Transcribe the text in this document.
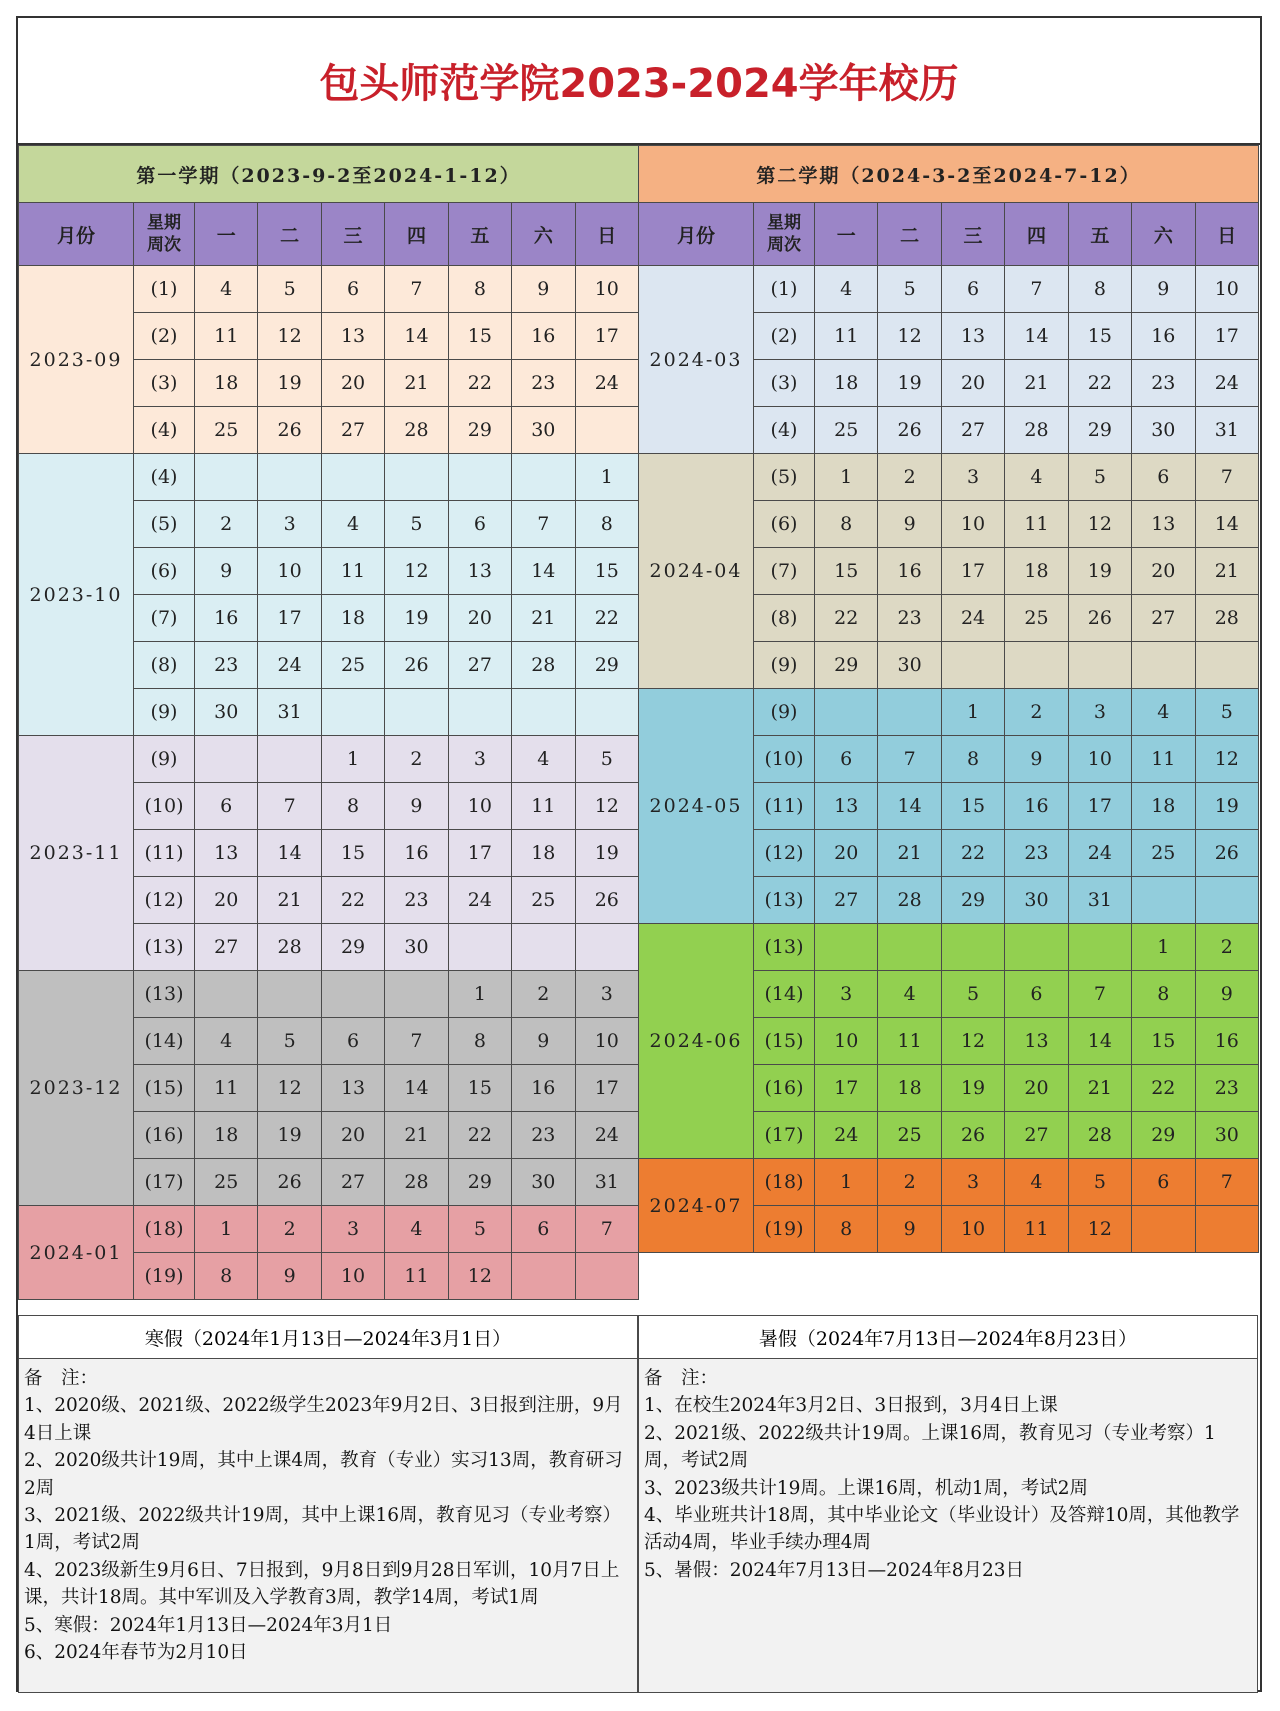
包头师范学院2023-2024学年校历
第一学期（2023-9-2至2024-1-12）								
月份	星期
周次	一	二	三	四	五	六	日
2023-09	(1)	4	5	6	7	8	9	10
	(2)	11	12	13	14	15	16	17
	(3)	18	19	20	21	22	23	24
	(4)	25	26	27	28	29	30	
2023-10	(4)							1
	(5)	2	3	4	5	6	7	8
	(6)	9	10	11	12	13	14	15
	(7)	16	17	18	19	20	21	22
	(8)	23	24	25	26	27	28	29
	(9)	30	31					
2023-11	(9)			1	2	3	4	5
	(10)	6	7	8	9	10	11	12
	(11)	13	14	15	16	17	18	19
	(12)	20	21	22	23	24	25	26
	(13)	27	28	29	30			
2023-12	(13)					1	2	3
	(14)	4	5	6	7	8	9	10
	(15)	11	12	13	14	15	16	17
	(16)	18	19	20	21	22	23	24
	(17)	25	26	27	28	29	30	31
2024-01	(18)	1	2	3	4	5	6	7
	(19)	8	9	10	11	12		
第二学期（2024-3-2至2024-7-12）								
月份	星期
周次	一	二	三	四	五	六	日
2024-03	(1)	4	5	6	7	8	9	10
	(2)	11	12	13	14	15	16	17
	(3)	18	19	20	21	22	23	24
	(4)	25	26	27	28	29	30	31
2024-04	(5)	1	2	3	4	5	6	7
	(6)	8	9	10	11	12	13	14
	(7)	15	16	17	18	19	20	21
	(8)	22	23	24	25	26	27	28
	(9)	29	30					
2024-05	(9)			1	2	3	4	5
	(10)	6	7	8	9	10	11	12
	(11)	13	14	15	16	17	18	19
	(12)	20	21	22	23	24	25	26
	(13)	27	28	29	30	31		
2024-06	(13)						1	2
	(14)	3	4	5	6	7	8	9
	(15)	10	11	12	13	14	15	16
	(16)	17	18	19	20	21	22	23
	(17)	24	25	26	27	28	29	30
2024-07	(18)	1	2	3	4	5	6	7
	(19)	8	9	10	11	12		
寒假（2024年1月13日—2024年3月1日）
备　注：
1、2020级、2021级、2022级学生2023年9月2日、3日报到注册，9月4日上课
2、2020级共计19周，其中上课4周，教育（专业）实习13周，教育研习2周
3、2021级、2022级共计19周，其中上课16周，教育见习（专业考察）1周，考试2周
4、2023级新生9月6日、7日报到，9月8日到9月28日军训，10月7日上课，共计18周。其中军训及入学教育3周，教学14周，考试1周
5、寒假：2024年1月13日—2024年3月1日
6、2024年春节为2月10日
暑假（2024年7月13日—2024年8月23日）
备　注：
1、在校生2024年3月2日、3日报到，3月4日上课
2、2021级、2022级共计19周。上课16周，教育见习（专业考察）1周，考试2周
3、2023级共计19周。上课16周，机动1周，考试2周
4、毕业班共计18周，其中毕业论文（毕业设计）及答辩10周，其他教学活动4周，毕业手续办理4周
5、暑假：2024年7月13日—2024年8月23日
